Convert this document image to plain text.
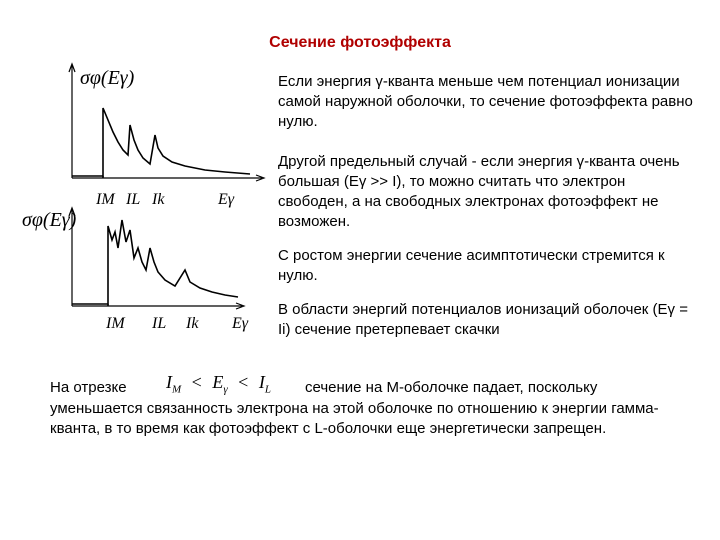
Сечение фотоэффекта
σφ(Eγ)
IM IL Ik	Eγ
σφ(Eγ)
IM IL Ik Eγ
Если энергия γ-кванта меньше чем потенциал ионизации самой наружной оболочки, то сечение фотоэффекта равно нулю.
Другой предельный случай - если энергия γ-кванта очень большая (Eγ >> I), то можно считать что электрон свободен, а на свободных электронах фотоэффект не возможен.
С ростом энергии сечение асимптотически стремится к нулю.
В области энергий потенциалов ионизаций оболочек (Eγ = Ii) сечение претерпевает скачки
$I_M < E_\gamma < I_L$
На отрезке	сечение на М-оболочке падает, поскольку уменьшается связанность электрона на этой оболочке по отношению к энергии гамма-кванта, в то время как фотоэффект с L-оболочки еще энергетически запрещен.
